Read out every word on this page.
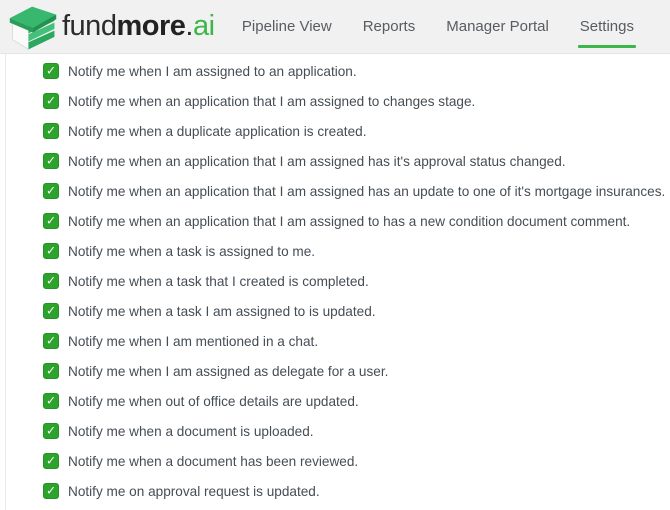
fundmore.ai Pipeline View Reports Manager Portal Settings
✓ Notify me when I am assigned to an application.
✓ Notify me when an application that I am assigned to changes stage.
✓ Notify me when a duplicate application is created.
✓ Notify me when an application that I am assigned has it's approval status changed.
✓ Notify me when an application that I am assigned has an update to one of it's mortgage insurances.
✓ Notify me when an application that I am assigned to has a new condition document comment.
✓ Notify me when a task is assigned to me.
✓ Notify me when a task that I created is completed.
✓ Notify me when a task I am assigned to is updated.
✓ Notify me when I am mentioned in a chat.
✓ Notify me when I am assigned as delegate for a user.
✓ Notify me when out of office details are updated.
✓ Notify me when a document is uploaded.
✓ Notify me when a document has been reviewed.
✓ Notify me on approval request is updated.
